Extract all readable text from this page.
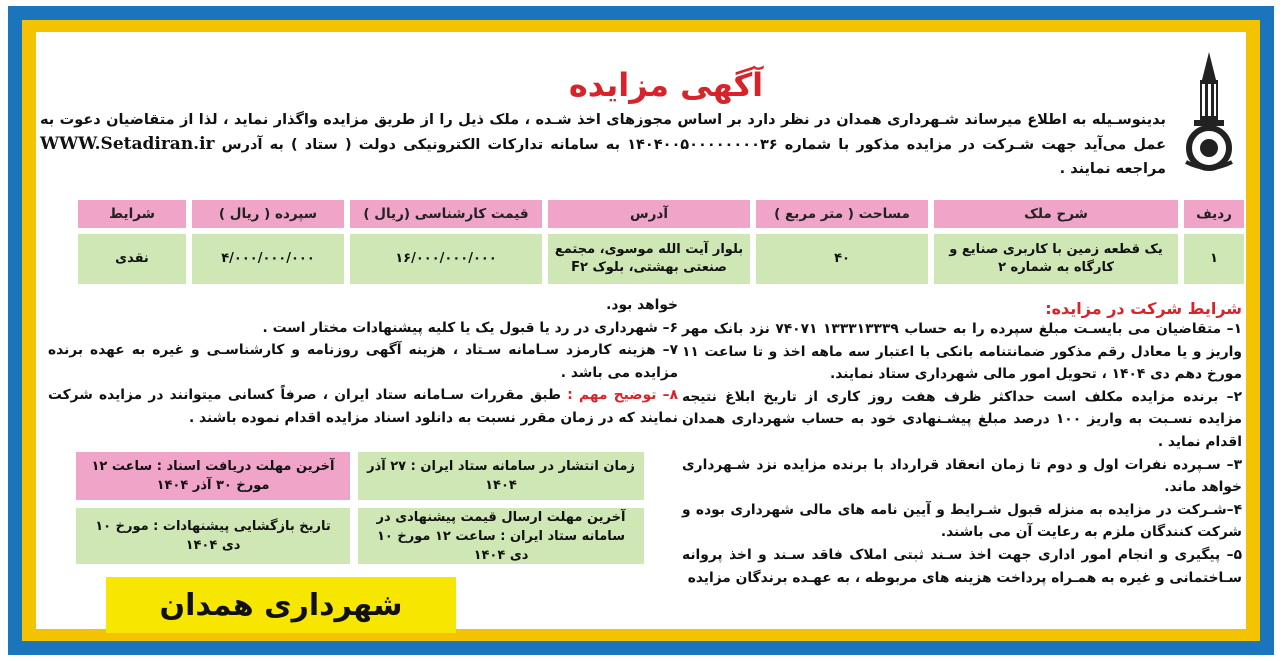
آگهی مزایده
بدینوسـیله به اطلاع میرساند شـهرداری همدان در نظر دارد بر اساس مجوزهای اخذ شـده ، ملک ذیل را از طریق مزایده واگذار نماید ، لذا از متقاضیان دعوت به عمل می‌آید جهت شـرکت در مزایده مذکور با شماره ۱۴۰۴۰۰۵۰۰۰۰۰۰۰۰۳۶ به سامانه تدارکات الکترونیکی دولت ( ستاد ) به آدرس WWW.Setadiran.ir مراجعه نمایند .
ردیف	شرح ملک	مساحت ( متر مربع )	آدرس	قیمت کارشناسی (ریال )	سپرده ( ریال )	شرایط
۱	یک قطعه زمین با کاربری صنایع و کارگاه به شماره ۲	۴۰	بلوار آیت الله موسوی، مجتمع صنعتی بهشتی، بلوک F۲	۱۶/۰۰۰/۰۰۰/۰۰۰	۴/۰۰۰/۰۰۰/۰۰۰	نقدی
شرایط شرکت در مزایده:

۱– متقاضیان می بایسـت مبلغ سپرده را به حساب ۱۳۳۳۱۳۳۳۹ ۷۴۰۷۱ نزد بانک مهر واریز و یا معادل رقم مذکور ضمانتنامه بانکی با اعتبار سه ماهه اخذ و تا ساعت ۱۱ مورخ دهم دی ۱۴۰۴ ، تحویل امور مالی شهرداری ستاد نمایند.

۲– برنده مزایده مکلف است حداکثر ظرف هفت روز کاری از تاریخ ابلاغ نتیجه مزایده نسـبت به واریز ۱۰۰ درصد مبلغ پیشـنهادی خود به حساب شهرداری همدان اقدام نماید .

۳– سـپرده نفرات اول و دوم تا زمان انعقاد قرارداد با برنده مزایده نزد شـهرداری خواهد ماند.

۴–شـرکت در مزایده به منزله قبول شـرایط و آیین نامه های مالی شهرداری بوده و شرکت کنندگان ملزم به رعایت آن می باشند.

۵– پیگیری و انجام امور اداری جهت اخذ سـند ثبتی املاک فاقد سـند و اخذ پروانه سـاختمانی و غیره به همـراه پرداخت هزینه های مربوطه ، به عهـده برندگان مزایده

خواهد بود.

۶– شهرداری در رد یا قبول یک یا کلیه پیشنهادات مختار است .

۷– هزینه کارمزد سـامانه سـتاد ، هزینه آگهی روزنامه و کارشناسـی و غیره به عهده برنده مزایده می باشد .

۸– توضیح مهم : طبق مقررات سـامانه ستاد ایران ، صرفاً کسانی میتوانند در مزایده شرکت نمایند که در زمان مقرر نسبت به دانلود اسناد مزایده اقدام نموده باشند .

زمان انتشار در سامانه ستاد ایران : ۲۷ آذر ۱۴۰۴
آخرین مهلت دریافت اسناد : ساعت ۱۲ مورخ ۳۰ آذر ۱۴۰۴
آخرین مهلت ارسال قیمت پیشنهادی در سامانه ستاد ایران : ساعت ۱۲ مورخ ۱۰ دی ۱۴۰۴
تاریخ بازگشایی پیشنهادات : مورخ ۱۰ دی ۱۴۰۴
شهرداری همدان
